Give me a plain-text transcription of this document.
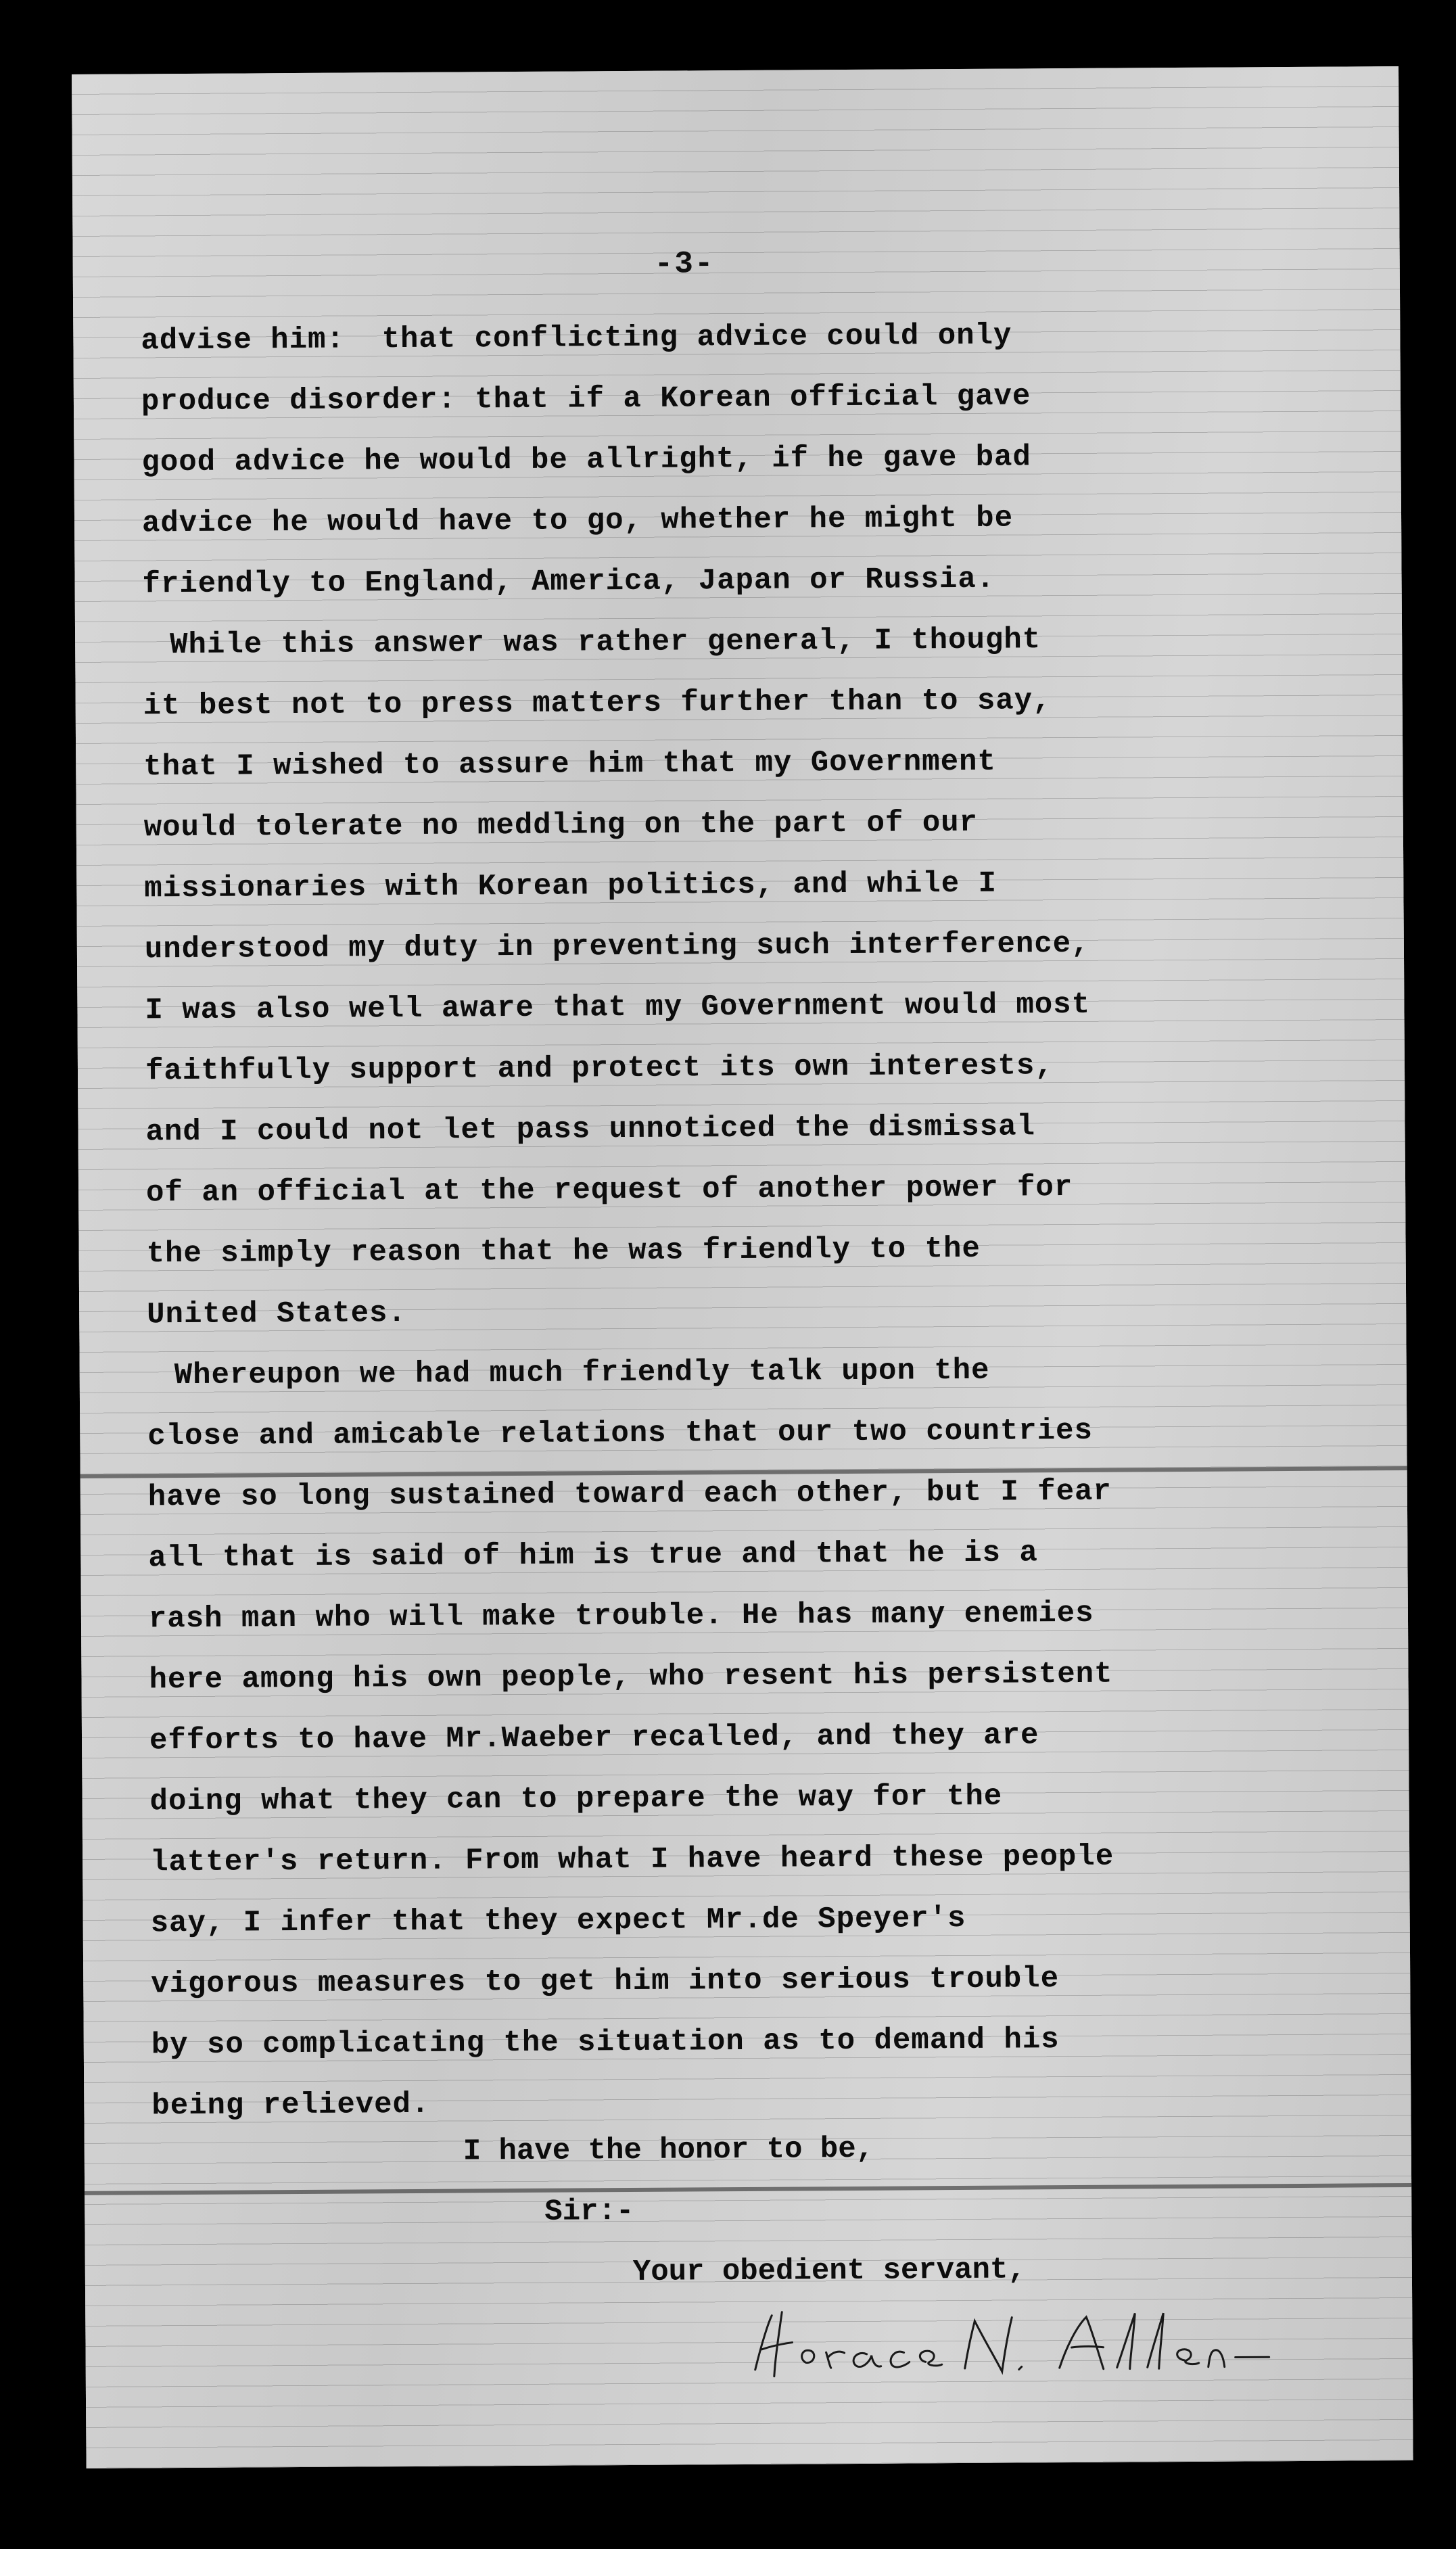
-3-
advise him:  that conflicting advice could only
produce disorder: that if a Korean official gave
good advice he would be allright, if he gave bad
advice he would have to go, whether he might be
friendly to England, America, Japan or Russia.
While this answer was rather general, I thought
it best not to press matters further than to say,
that I wished to assure him that my Government
would tolerate no meddling on the part of our
missionaries with Korean politics, and while I
understood my duty in preventing such interference,
I was also well aware that my Government would most
faithfully support and protect its own interests,
and I could not let pass unnoticed the dismissal
of an official at the request of another power for
the simply reason that he was friendly to the
United States.
Whereupon we had much friendly talk upon the
close and amicable relations that our two countries
have so long sustained toward each other, but I fear
all that is said of him is true and that he is a
rash man who will make trouble. He has many enemies
here among his own people, who resent his persistent
efforts to have Mr.Waeber recalled, and they are
doing what they can to prepare the way for the
latter's return. From what I have heard these people
say, I infer that they expect Mr.de Speyer's
vigorous measures to get him into serious trouble
by so complicating the situation as to demand his
being relieved.
I have the honor to be,
Sir:-
Your obedient servant,
